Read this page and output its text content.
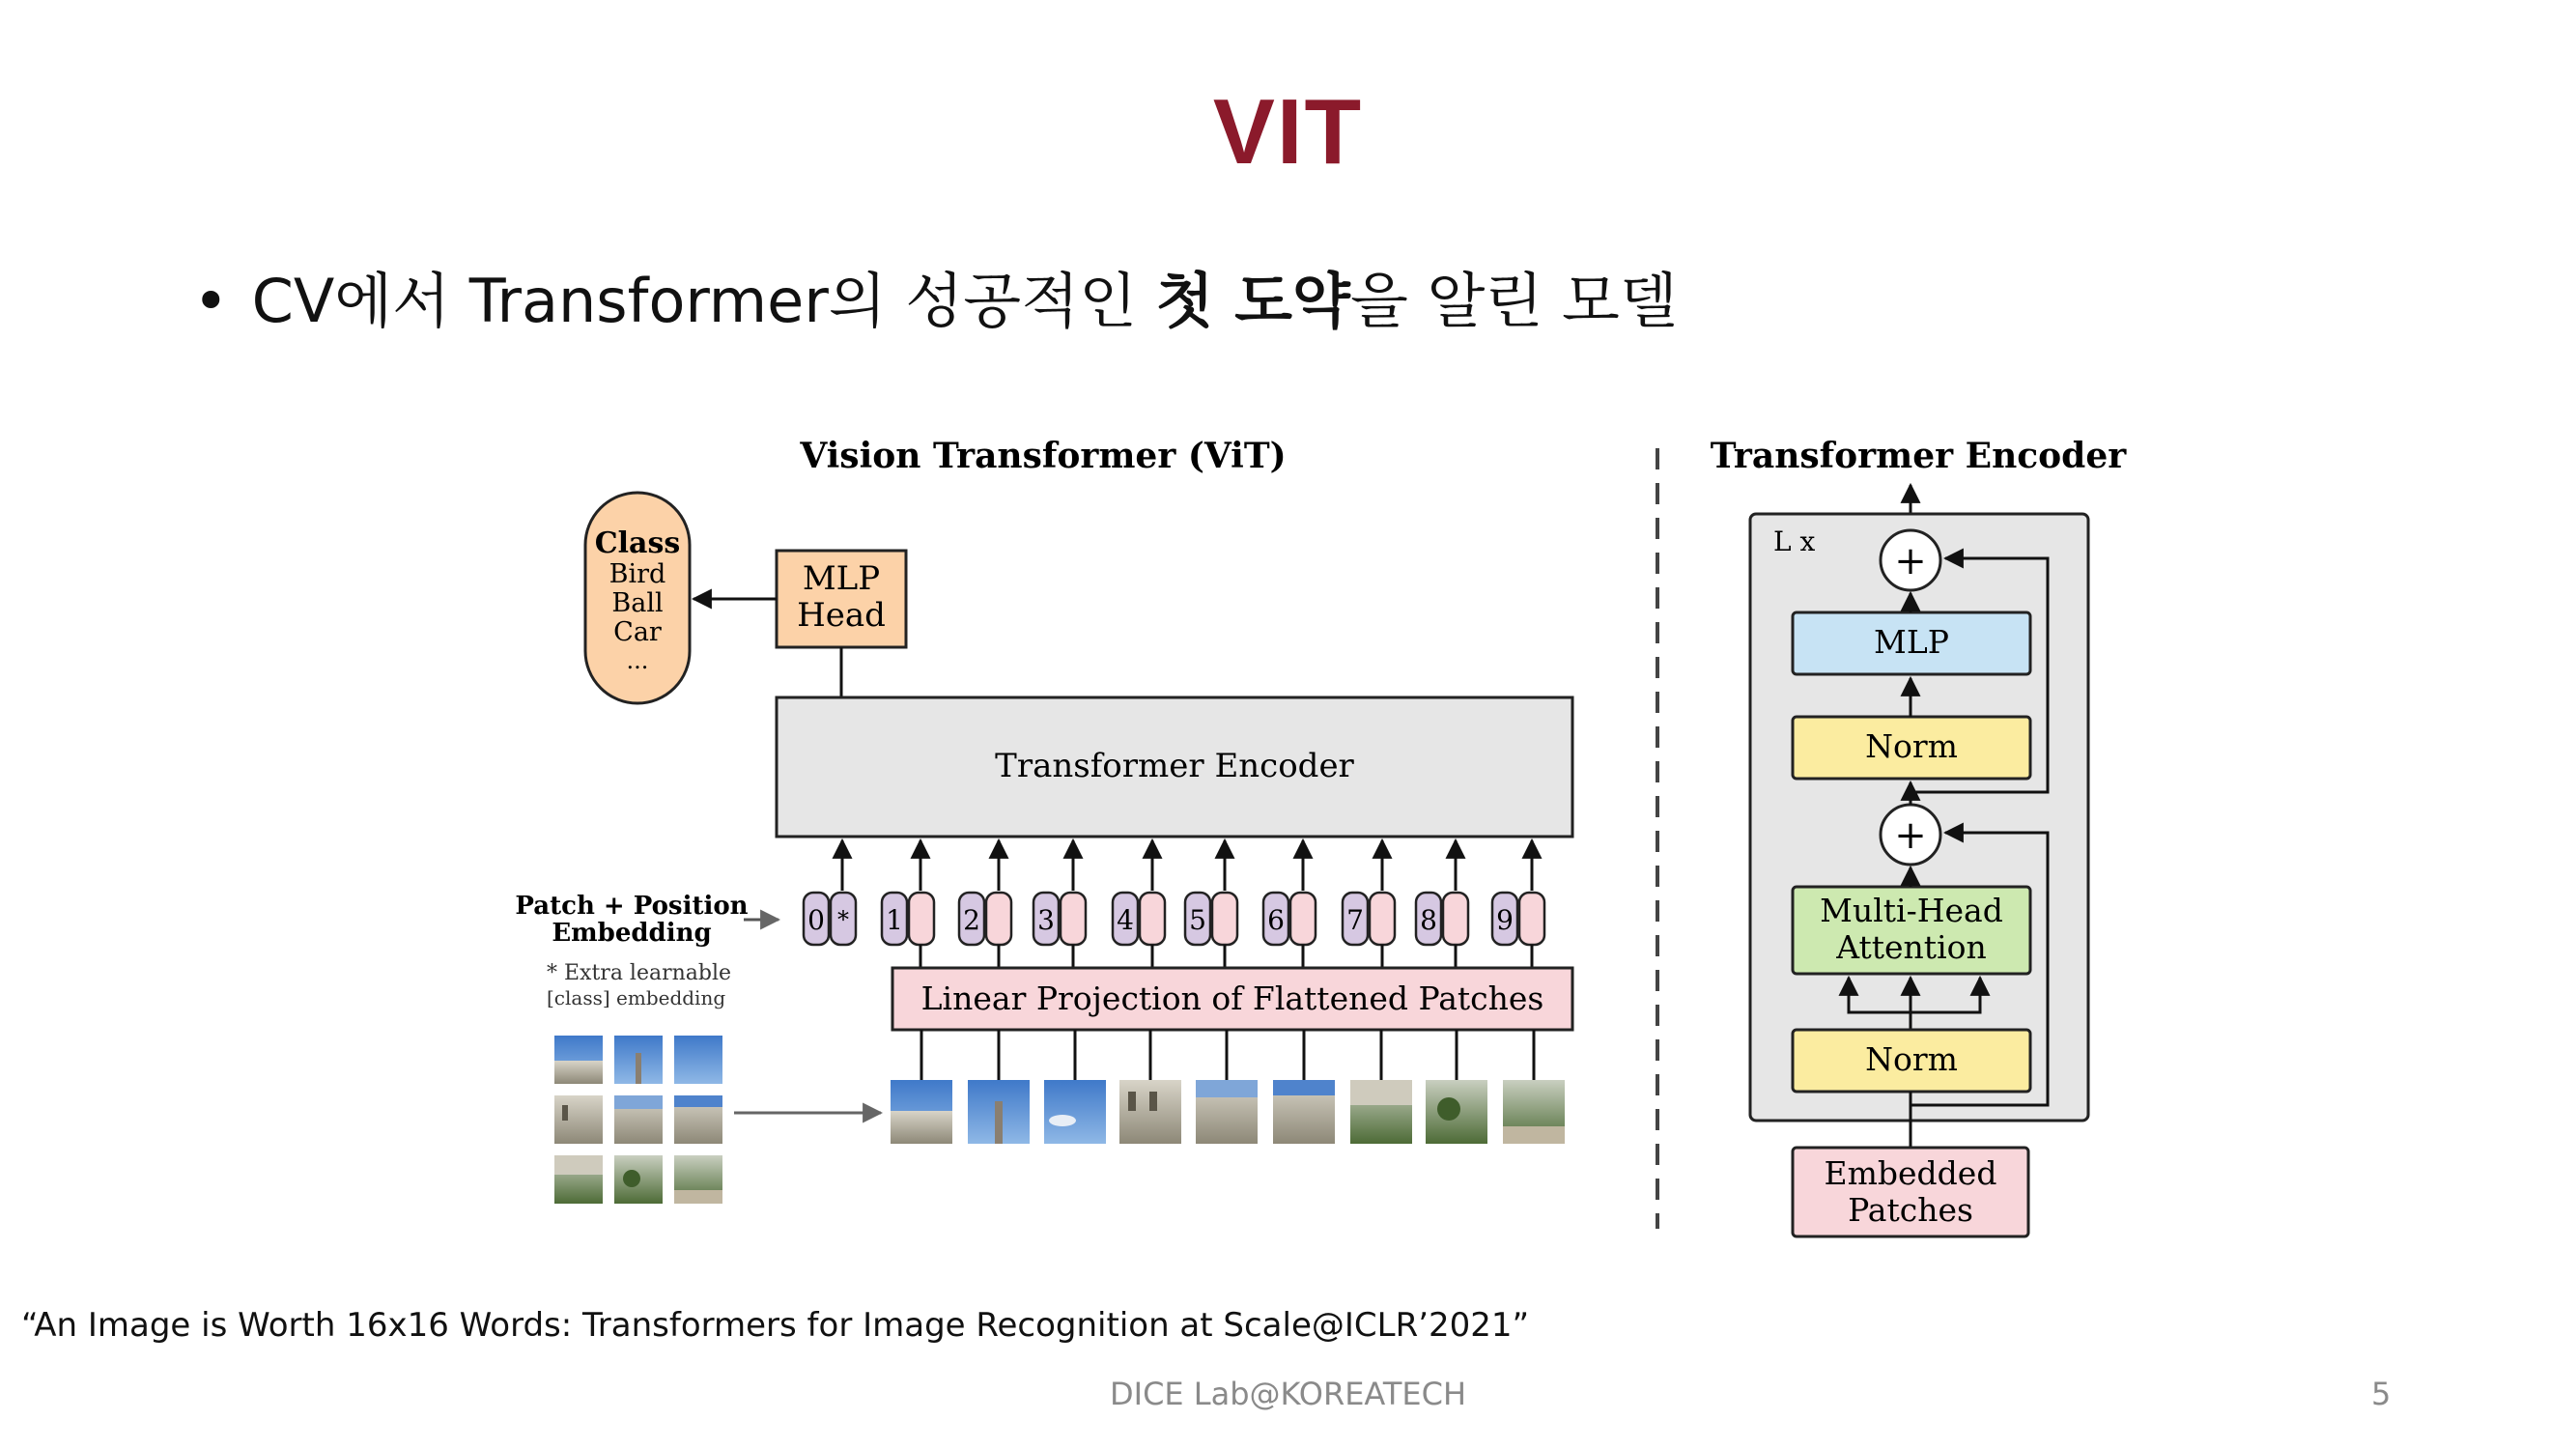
VIT
• CV에서 Transformer의 성공적인 첫 도약을 알린 모델
Vision Transformer (ViT)
Class
Bird
Ball
Car
...
MLP
Head
Transformer Encoder
Patch + Position
Embedding
* Extra learnable
[class] embedding
0 * 1 2 3 4 5 6 7 8 9
Linear Projection of Flattened Patches
Transformer Encoder
L x +
MLP
Norm
+
Multi-Head
Attention
Norm
Embedded
Patches
“An Image is Worth 16x16 Words: Transformers for Image Recognition at Scale@ICLR’2021”
DICE Lab@KOREATECH	5
